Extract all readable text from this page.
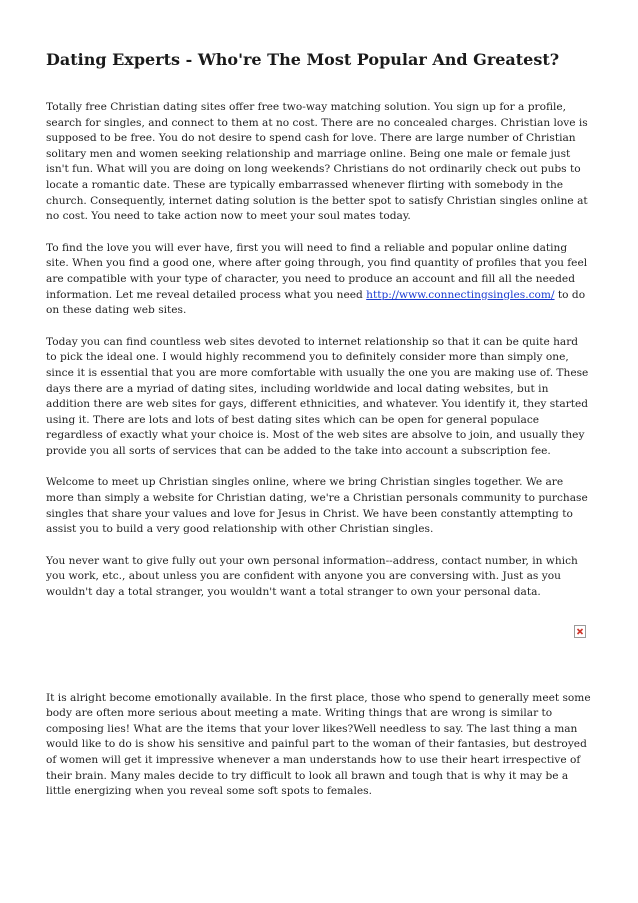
Dating Experts - Who're The Most Popular And Greatest?

Totally free Christian dating sites offer free two-way matching solution. You sign up for a profile, search for singles, and connect to them at no cost. There are no concealed charges. Christian love is supposed to be free. You do not desire to spend cash for love. There are large number of Christian solitary men and women seeking relationship and marriage online. Being one male or female just isn't fun. What will you are doing on long weekends? Christians do not ordinarily check out pubs to locate a romantic date. These are typically embarrassed whenever flirting with somebody in the church. Consequently, internet dating solution is the better spot to satisfy Christian singles online at no cost. You need to take action now to meet your soul mates today.

To find the love you will ever have, first you will need to find a reliable and popular online dating site. When you find a good one, where after going through, you find quantity of profiles that you feel are compatible with your type of character, you need to produce an account and fill all the needed information. Let me reveal detailed process what you need http://www.connectingsingles.com/ to do on these dating web sites.

Today you can find countless web sites devoted to internet relationship so that it can be quite hard to pick the ideal one. I would highly recommend you to definitely consider more than simply one, since it is essential that you are more comfortable with usually the one you are making use of. These days there are a myriad of dating sites, including worldwide and local dating websites, but in addition there are web sites for gays, different ethnicities, and whatever. You identify it, they started using it. There are lots and lots of best dating sites which can be open for general populace regardless of exactly what your choice is. Most of the web sites are absolve to join, and usually they provide you all sorts of services that can be added to the take into account a subscription fee.

Welcome to meet up Christian singles online, where we bring Christian singles together. We are more than simply a website for Christian dating, we're a Christian personals community to purchase singles that share your values and love for Jesus in Christ. We have been constantly attempting to assist you to build a very good relationship with other Christian singles.

You never want to give fully out your own personal information--address, contact number, in which you work, etc., about unless you are confident with anyone you are conversing with. Just as you wouldn't day a total stranger, you wouldn't want a total stranger to own your personal data.

It is alright become emotionally available. In the first place, those who spend to generally meet some body are often more serious about meeting a mate. Writing things that are wrong is similar to composing lies! What are the items that your lover likes?Well needless to say. The last thing a man would like to do is show his sensitive and painful part to the woman of their fantasies, but destroyed of women will get it impressive whenever a man understands how to use their heart irrespective of their brain. Many males decide to try difficult to look all brawn and tough that is why it may be a little energizing when you reveal some soft spots to females.
